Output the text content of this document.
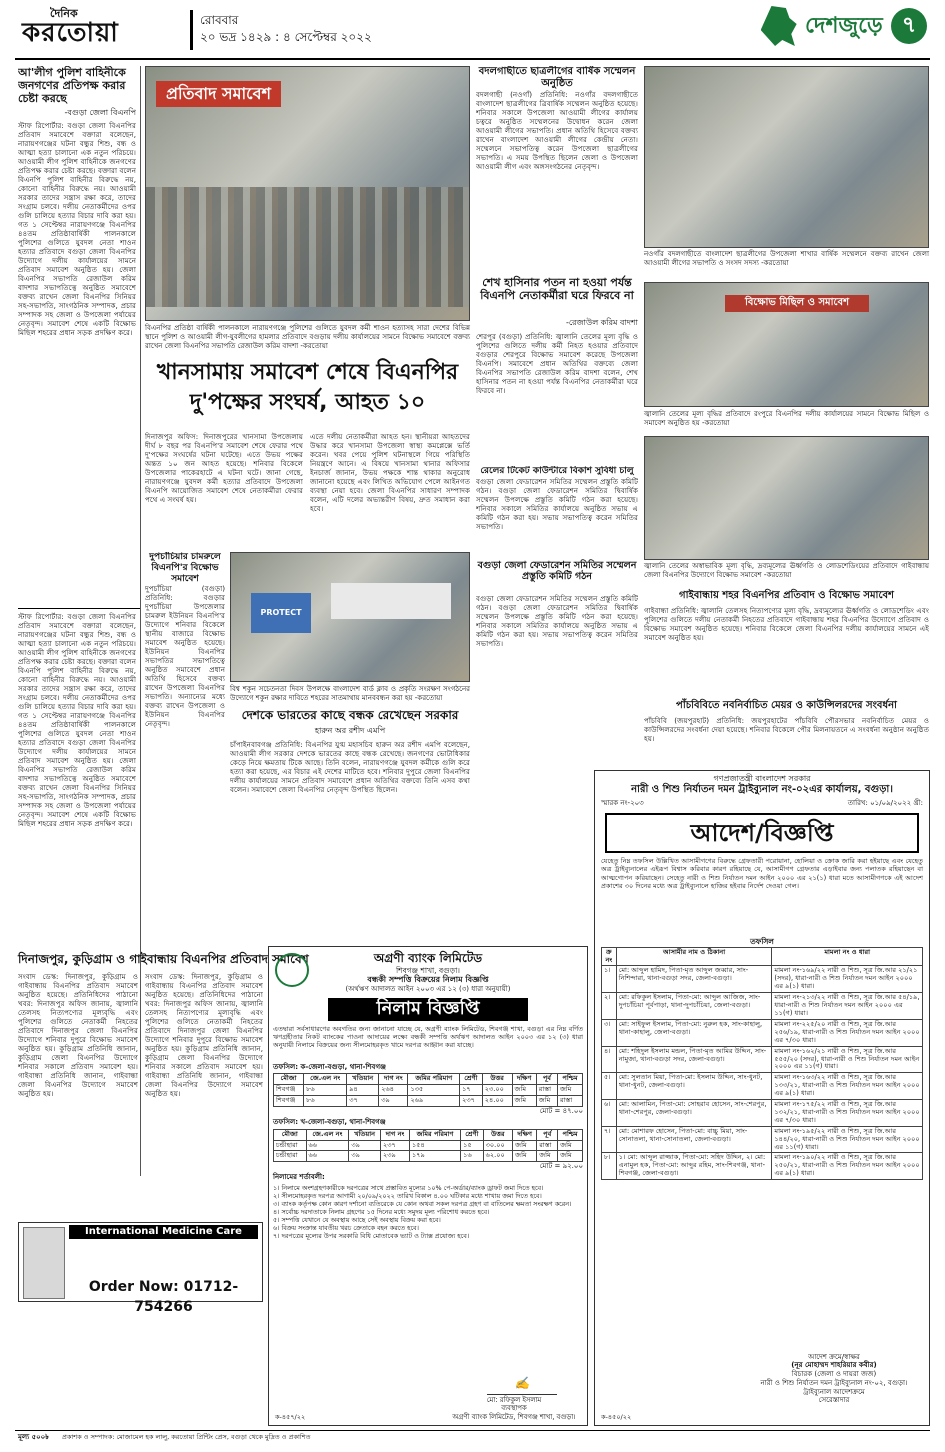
দৈনিক
করতোয়া	রোববার
২০ ভদ্র ১৪২৯ : ৪ সেপ্টেম্বর ২০২২	দেশজুড়ে ৭
আ'লীগ পুলিশ বাহিনীকে জনগণের প্রতিপক্ষ করার চেষ্টা করছে
-বগুড়া জেলা বিএনপি

স্টাফ রিপোর্টার: বগুড়া জেলা বিএনপির প্রতিবাদ সমাবেশে বক্তারা বলেছেন, নারায়ণগঞ্জের ঘটনা বন্ধুর শিশু, বন্ধ ও আত্মা হত্যা চালানো এক নতুন পরিচয়ে। আওয়ামী লীগ পুলিশ বাহিনীকে জনগণের প্রতিপক্ষ করার চেষ্টা করছে। বক্তারা বলেন বিএনপি পুলিশ বাহিনীর বিরুদ্ধে নয়, কোনো বাহিনীর বিরুদ্ধে নয়। আওয়ামী সরকার তাদের সন্ত্রাস রক্ষা করে, তাদের সংগ্রাম চলবে। দলীয় নেতাকর্মীদের ওপর গুলি চালিয়ে হত্যার বিচার দাবি করা হয়। গত ১ সেপ্টেম্বর নারায়ণগঞ্জে বিএনপির ৪৪তম প্রতিষ্ঠাবার্ষিকী পালনকালে পুলিশের গুলিতে যুবদল নেতা শাওন হত্যার প্রতিবাদে বগুড়া জেলা বিএনপির উদ্যোগে দলীয় কার্যালয়ের সামনে প্রতিবাদ সমাবেশ অনুষ্ঠিত হয়। জেলা বিএনপির সভাপতি রেজাউল করিম বাদশার সভাপতিত্বে অনুষ্ঠিত সমাবেশে বক্তব্য রাখেন জেলা বিএনপির সিনিয়র সহ-সভাপতি, সাংগঠনিক সম্পাদক, প্রচার সম্পাদক সহ জেলা ও উপজেলা পর্যায়ের নেতৃবৃন্দ। সমাবেশ শেষে একটি বিক্ষোভ মিছিল শহরের প্রধান সড়ক প্রদক্ষিণ করে।

প্রতিবাদ সমাবেশ
বিএনপির প্রতিষ্ঠা বার্ষিকী পালনকালে নারায়ণগঞ্জে পুলিশের গুলিতে যুবদল কর্মী শাওন হত্যাসহ সারা দেশের বিভিন্ন স্থানে পুলিশ ও আওয়ামী লীগ-যুবলীগের হামলার প্রতিবাদে বগুড়ায় দলীয় কার্যালয়ের সামনে বিক্ষোভ সমাবেশে বক্তব্য রাখেন জেলা বিএনপির সভাপতি রেজাউল করিম বাদশা -করতোয়া
খানসামায় সমাবেশ শেষে বিএনপির দু'পক্ষের সংঘর্ষ, আহত ১০

দিনাজপুর অফিস: দিনাজপুরের খানসামা উপজেলায় দীর্ঘ ৮ বছর পর বিএনপি'র সমাবেশ শেষে ফেরার পথে দু'পক্ষের সংঘর্ষের ঘটনা ঘটেছে। এতে উভয় পক্ষের অন্তত ১০ জন আহত হয়েছে। শনিবার বিকেলে উপজেলার পাকেরহাটে এ ঘটনা ঘটে। জানা গেছে, নারায়ণগঞ্জে যুবদল কর্মী হত্যার প্রতিবাদে উপজেলা বিএনপি আয়োজিত সমাবেশ শেষে নেতাকর্মীরা ফেরার পথে এ সংঘর্ষ হয়।

এতে দলীয় নেতাকর্মীরা আহত হন। স্থানীয়রা আহতদের উদ্ধার করে খানসামা উপজেলা স্বাস্থ্য কমপ্লেক্সে ভর্তি করেন। খবর পেয়ে পুলিশ ঘটনাস্থলে গিয়ে পরিস্থিতি নিয়ন্ত্রণে আনে। এ বিষয়ে খানসামা থানার অফিসার ইনচার্জ জানান, উভয় পক্ষকে শান্ত থাকার অনুরোধ জানানো হয়েছে এবং লিখিত অভিযোগ পেলে আইনগত ব্যবস্থা নেয়া হবে। জেলা বিএনপির সাধারণ সম্পাদক বলেন, এটি দলের অভ্যন্তরীণ বিষয়, দ্রুত সমাধান করা হবে।

দুপচাঁচিয়ার চামরুলে বিএনপি'র বিক্ষোভ সমাবেশ

দুপচাঁচিয়া (বগুড়া) প্রতিনিধি: বগুড়ার দুপচাঁচিয়া উপজেলার চামরুল ইউনিয়ন বিএনপি'র উদ্যোগে শনিবার বিকেলে স্থানীয় বাজারে বিক্ষোভ সমাবেশ অনুষ্ঠিত হয়েছে। ইউনিয়ন বিএনপির সভাপতির সভাপতিত্বে অনুষ্ঠিত সমাবেশে প্রধান অতিথি হিসেবে বক্তব্য রাখেন উপজেলা বিএনপির সভাপতি। অন্যান্যের মধ্যে বক্তব্য রাখেন উপজেলা ও ইউনিয়ন বিএনপির নেতৃবৃন্দ।

PROTECT
বিশ্ব শকুন সচেতনতা দিবস উপলক্ষে বাংলাদেশ বার্ড ক্লাব ও প্রকৃতি সংরক্ষণ সংগঠনের উদ্যোগে শকুন রক্ষার দাবিতে শহরের সাতমাথায় মানববন্ধন করা হয় -করতোয়া
দেশকে ভারতের কাছে বন্ধক রেখেছেন সরকার
হারুন অর রশীদ এমপি

চাঁপাইনবাবগঞ্জ প্রতিনিধি: বিএনপির যুগ্ম মহাসচিব হারুন অর রশীদ এমপি বলেছেন, আওয়ামী লীগ সরকার দেশকে ভারতের কাছে বন্ধক রেখেছে। জনগণের ভোটাধিকার কেড়ে নিয়ে ক্ষমতায় টিকে আছে। তিনি বলেন, নারায়ণগঞ্জে যুবদল কর্মীকে গুলি করে হত্যা করা হয়েছে, এর বিচার এই দেশের মাটিতে হবে। শনিবার দুপুরে জেলা বিএনপির দলীয় কার্যালয়ের সামনে প্রতিবাদ সমাবেশে প্রধান অতিথির বক্তব্যে তিনি এসব কথা বলেন। সমাবেশে জেলা বিএনপির নেতৃবৃন্দ উপস্থিত ছিলেন।

বদলগাছীতে ছাত্রলীগের বার্ষিক সম্মেলন অনুষ্ঠিত

বদলগাছী (নওগাঁ) প্রতিনিধি: নওগাঁর বদলগাছীতে বাংলাদেশ ছাত্রলীগের ত্রিবার্ষিক সম্মেলন অনুষ্ঠিত হয়েছে। শনিবার সকালে উপজেলা আওয়ামী লীগের কার্যালয় চত্বরে অনুষ্ঠিত সম্মেলনের উদ্বোধন করেন জেলা আওয়ামী লীগের সভাপতি। প্রধান অতিথি হিসেবে বক্তব্য রাখেন বাংলাদেশ আওয়ামী লীগের কেন্দ্রীয় নেতা। সম্মেলনে সভাপতিত্ব করেন উপজেলা ছাত্রলীগের সভাপতি। এ সময় উপস্থিত ছিলেন জেলা ও উপজেলা আওয়ামী লীগ এবং অঙ্গসংগঠনের নেতৃবৃন্দ।

নওগাঁর বদলগাছীতে বাংলাদেশ ছাত্রলীগের উপজেলা শাখার বার্ষিক সম্মেলনে বক্তব্য রাখেন জেলা আওয়ামী লীগের সভাপতি ও সংসদ সদস্য -করতোয়া
শেখ হাসিনার পতন না হওয়া পর্যন্ত বিএনপি নেতাকর্মীরা ঘরে ফিরবে না
-রেজাউল করিম বাদশা

শেরপুর (বগুড়া) প্রতিনিধি: জ্বালানি তেলের মূল্য বৃদ্ধি ও পুলিশের গুলিতে দলীয় কর্মী নিহত হওয়ার প্রতিবাদে বগুড়ার শেরপুরে বিক্ষোভ সমাবেশ করেছে উপজেলা বিএনপি। সমাবেশে প্রধান অতিথির বক্তব্যে জেলা বিএনপির সভাপতি রেজাউল করিম বাদশা বলেন, শেখ হাসিনার পতন না হওয়া পর্যন্ত বিএনপির নেতাকর্মীরা ঘরে ফিরবে না।

বিক্ষোভ মিছিল ও সমাবেশ
জ্বালানি তেলের মূল্য বৃদ্ধির প্রতিবাদে রংপুরে বিএনপির দলীয় কার্যালয়ের সামনে বিক্ষোভ মিছিল ও সমাবেশ অনুষ্ঠিত হয় -করতোয়া
জ্বালানি তেলের অস্বাভাবিক মূল্য বৃদ্ধি, দ্রব্যমূল্যের ঊর্ধ্বগতি ও লোডশেডিংয়ের প্রতিবাদে গাইবান্ধায় জেলা বিএনপির উদ্যোগে বিক্ষোভ সমাবেশ -করতোয়া
রেলের টিকেট কাউন্টারে বিকাশ সুবিধা চালু

বগুড়া জেলা ফেডারেশন সমিতির সম্মেলন প্রস্তুতি কমিটি গঠন। বগুড়া জেলা ফেডারেশন সমিতির দ্বিবার্ষিক সম্মেলন উপলক্ষে প্রস্তুতি কমিটি গঠন করা হয়েছে। শনিবার সকালে সমিতির কার্যালয়ে অনুষ্ঠিত সভায় এ কমিটি গঠন করা হয়। সভায় সভাপতিত্ব করেন সমিতির সভাপতি।

বগুড়া জেলা ফেডারেশন সমিতির সম্মেলন প্রস্তুতি কমিটি গঠন
গাইবান্ধায় শহর বিএনপির প্রতিবাদ ও বিক্ষোভ সমাবেশ

গাইবান্ধা প্রতিনিধি: জ্বালানি তেলসহ নিত্যপণ্যের মূল্য বৃদ্ধি, দ্রব্যমূল্যের ঊর্ধ্বগতি ও লোডশেডিং এবং পুলিশের গুলিতে দলীয় নেতাকর্মী নিহতের প্রতিবাদে গাইবান্ধায় শহর বিএনপির উদ্যোগে প্রতিবাদ ও বিক্ষোভ সমাবেশ অনুষ্ঠিত হয়েছে। শনিবার বিকেলে জেলা বিএনপির দলীয় কার্যালয়ের সামনে এই সমাবেশ অনুষ্ঠিত হয়।

পাঁচবিবিতে নবনির্বাচিত মেয়র ও কাউন্সিলরদের সংবর্ধনা

পাঁচবিবি (জয়পুরহাট) প্রতিনিধি: জয়পুরহাটের পাঁচবিবি পৌরসভার নবনির্বাচিত মেয়র ও কাউন্সিলরদের সংবর্ধনা দেয়া হয়েছে। শনিবার বিকেলে পৌর মিলনায়তনে এ সংবর্ধনা অনুষ্ঠান অনুষ্ঠিত হয়।

বগুড়া জেলা ফেডারেশন সমিতির সম্মেলন প্রস্তুতি কমিটি গঠন। বগুড়া জেলা ফেডারেশন সমিতির দ্বিবার্ষিক সম্মেলন উপলক্ষে প্রস্তুতি কমিটি গঠন করা হয়েছে। শনিবার সকালে সমিতির কার্যালয়ে অনুষ্ঠিত সভায় এ কমিটি গঠন করা হয়। সভায় সভাপতিত্ব করেন সমিতির সভাপতি।

দিনাজপুর, কুড়িগ্রাম ও গাইবান্ধায় বিএনপির প্রতিবাদ সমাবেশ

সংবাদ ডেস্ক: দিনাজপুর, কুড়িগ্রাম ও গাইবান্ধায় বিএনপির প্রতিবাদ সমাবেশ অনুষ্ঠিত হয়েছে। প্রতিনিধিদের পাঠানো খবর: দিনাজপুর অফিস জানায়, জ্বালানি তেলসহ নিত্যপণ্যের মূল্যবৃদ্ধি এবং পুলিশের গুলিতে নেতাকর্মী নিহতের প্রতিবাদে দিনাজপুর জেলা বিএনপির উদ্যোগে শনিবার দুপুরে বিক্ষোভ সমাবেশ অনুষ্ঠিত হয়। কুড়িগ্রাম প্রতিনিধি জানান, কুড়িগ্রাম জেলা বিএনপির উদ্যোগে শনিবার সকালে প্রতিবাদ সমাবেশ হয়। গাইবান্ধা প্রতিনিধি জানান, গাইবান্ধা জেলা বিএনপির উদ্যোগে সমাবেশ অনুষ্ঠিত হয়।

সংবাদ ডেস্ক: দিনাজপুর, কুড়িগ্রাম ও গাইবান্ধায় বিএনপির প্রতিবাদ সমাবেশ অনুষ্ঠিত হয়েছে। প্রতিনিধিদের পাঠানো খবর: দিনাজপুর অফিস জানায়, জ্বালানি তেলসহ নিত্যপণ্যের মূল্যবৃদ্ধি এবং পুলিশের গুলিতে নেতাকর্মী নিহতের প্রতিবাদে দিনাজপুর জেলা বিএনপির উদ্যোগে শনিবার দুপুরে বিক্ষোভ সমাবেশ অনুষ্ঠিত হয়। কুড়িগ্রাম প্রতিনিধি জানান, কুড়িগ্রাম জেলা বিএনপির উদ্যোগে শনিবার সকালে প্রতিবাদ সমাবেশ হয়। গাইবান্ধা প্রতিনিধি জানান, গাইবান্ধা জেলা বিএনপির উদ্যোগে সমাবেশ অনুষ্ঠিত হয়।

স্টাফ রিপোর্টার: বগুড়া জেলা বিএনপির প্রতিবাদ সমাবেশে বক্তারা বলেছেন, নারায়ণগঞ্জের ঘটনা বন্ধুর শিশু, বন্ধ ও আত্মা হত্যা চালানো এক নতুন পরিচয়ে। আওয়ামী লীগ পুলিশ বাহিনীকে জনগণের প্রতিপক্ষ করার চেষ্টা করছে। বক্তারা বলেন বিএনপি পুলিশ বাহিনীর বিরুদ্ধে নয়, কোনো বাহিনীর বিরুদ্ধে নয়। আওয়ামী সরকার তাদের সন্ত্রাস রক্ষা করে, তাদের সংগ্রাম চলবে। দলীয় নেতাকর্মীদের ওপর গুলি চালিয়ে হত্যার বিচার দাবি করা হয়। গত ১ সেপ্টেম্বর নারায়ণগঞ্জে বিএনপির ৪৪তম প্রতিষ্ঠাবার্ষিকী পালনকালে পুলিশের গুলিতে যুবদল নেতা শাওন হত্যার প্রতিবাদে বগুড়া জেলা বিএনপির উদ্যোগে দলীয় কার্যালয়ের সামনে প্রতিবাদ সমাবেশ অনুষ্ঠিত হয়। জেলা বিএনপির সভাপতি রেজাউল করিম বাদশার সভাপতিত্বে অনুষ্ঠিত সমাবেশে বক্তব্য রাখেন জেলা বিএনপির সিনিয়র সহ-সভাপতি, সাংগঠনিক সম্পাদক, প্রচার সম্পাদক সহ জেলা ও উপজেলা পর্যায়ের নেতৃবৃন্দ। সমাবেশ শেষে একটি বিক্ষোভ মিছিল শহরের প্রধান সড়ক প্রদক্ষিণ করে।

International Medicine Care
Order Now: 01712-754266
অগ্রণী ব্যাংক লিমিটেড
শিবগঞ্জ শাখা, বগুড়া।
বন্ধকী সম্পত্তি বিক্রয়ের নিলাম বিজ্ঞপ্তি
(অর্থঋণ আদালত আইন ২০০৩ এর ১২ (৩) ধারা অনুযায়ী)
নিলাম বিজ্ঞপ্তি
এতদ্বারা সর্বসাধারণের অবগতির জন্য জানানো যাচ্ছে যে, অগ্রণী ব্যাংক লিমিটেড, শিবগঞ্জ শাখা, বগুড়া এর নিম্ন বর্ণিত ঋণগ্রহীতার নিকট ব্যাংকের পাওনা আদায়ের লক্ষ্যে বন্ধকী সম্পত্তি অর্থঋণ আদালত আইন ২০০৩ এর ১২ (৩) ধারা অনুযায়ী নিলামে বিক্রয়ের জন্য সীলমোহরকৃত খামে দরপত্র আহ্বান করা যাচ্ছে।
তফসিল: ক-জেলা-বগুড়া, থানা-শিবগঞ্জ
মৌজা	জে.এল নং	খতিয়ান	দাগ নং	জমির পরিমাণ	শ্রেণী	উত্তর	দক্ষিণ	পূর্ব	পশ্চিম
শিবগঞ্জ	৮৬	৯৪	২৬৪	১৩৫	১৭	২৩.০০	জমি	রাস্তা	জমি
শিবগঞ্জ	৮৬	৩৭	৩৯	২৬৯	২৩৭	২৪.০০	জমি	জমি	রাস্তা
মোট = ৪৭.০০
তফসিল: খ-জেলা-বগুড়া, থানা-শিবগঞ্জ
মৌজা	জে.এল নং	খতিয়ান	দাগ নং	জমির পরিমাণ	শ্রেণী	উত্তর	দক্ষিণ	পূর্ব	পশ্চিম
চন্ডীহারা	৬৬	৩৯	২৩৭	১৫৪	১৫	৩০.০০	জমি	রাস্তা	জমি
চন্ডীহারা	৬৬	৩৯	২৩৯	১৭৯	১৬	৬২.০০	জমি	জমি	জমি
মোট = ৯২.০০
নিলামের শর্তাবলী:
১। নিলামে অংশগ্রহণকারীকে দরপত্রের সাথে প্রস্তাবিত মূল্যের ১০% পে-অর্ডার/ব্যাংক ড্রাফট জমা দিতে হবে।
২। সীলমোহরকৃত দরপত্র আগামী ২০/০৯/২০২২ তারিখ বিকাল ৪.০০ ঘটিকার মধ্যে শাখায় জমা দিতে হবে।
৩। ব্যাংক কর্তৃপক্ষ কোন কারণ দর্শানো ব্যতিরেকে যে কোন অথবা সকল দরপত্র গ্রহণ বা বাতিলের ক্ষমতা সংরক্ষণ করেন।
৪। সর্বোচ্চ দরদাতাকে নিলাম গ্রহণের ১৫ দিনের মধ্যে সমুদয় মূল্য পরিশোধ করতে হবে।
৫। সম্পত্তি যেখানে যে অবস্থায় আছে সেই অবস্থায় বিক্রয় করা হবে।
৬। বিক্রয় সংক্রান্ত যাবতীয় খরচ ক্রেতাকে বহন করতে হবে।
৭। দরপত্রের মূল্যের উপর সরকারি বিধি মোতাবেক ভ্যাট ও ট্যাক্স প্রযোজ্য হবে।
✍
মো: রফিকুল ইসলাম
ব্যবস্থাপক
অগ্রণী ব্যাংক লিমিটেড, শিবগঞ্জ শাখা, বগুড়া।
ক-৪৫৭/২২
গণপ্রজাতন্ত্রী বাংলাদেশ সরকার
নারী ও শিশু নির্যাতন দমন ট্রাইব্যুনাল নং-০২এর কার্যালয়, বগুড়া।
স্মারক নং-২০৩	তারিখ: ০১/০৯/২০২২ খ্রী:
আদেশ/বিজ্ঞপ্তি
যেহেতু নিম্ন তফসিল উল্লিখিত আসামীগণের বিরুদ্ধে গ্রেফতারী পরোয়ানা, হোলিয়া ও ক্রোক জারি করা হইয়াছে এবং যেহেতু অত্র ট্রাইব্যুনালের এইরূপ বিশ্বাস করিবার কারণ রহিয়াছে যে, আসামীগণ গ্রেফতার এড়াইবার জন্য পলাতক রহিয়াছেন বা আত্মগোপন করিয়াছেন। সেহেতু নারী ও শিশু নির্যাতন দমন আইন ২০০০ এর ২১(১) ধারা মতে আসামীগণকে এই আদেশ প্রকাশের ৩০ দিনের মধ্যে অত্র ট্রাইব্যুনালে হাজির হইবার নির্দেশ দেওয়া গেল।
তফসিল
ক্র নং	আসামীর নাম ও ঠিকানা	মামলা নং ও ধারা
১।	মো: আব্দুল হামিদ, পিতা-মৃত আব্দুল জব্বার, সাং-নিশিন্দারা, থানা-বগুড়া সদর, জেলা-বগুড়া।	মামলা নং-১৬৯/২২ নারী ও শিশু, সূত্র জি.আর ২১/২১ (সদর), ধারা-নারী ও শিশু নির্যাতন দমন আইন ২০০০ এর ৯(১) ধারা।
২।	মো: রফিকুল ইসলাম, পিতা-মো: আব্দুল আজিজ, সাং-দুপচাঁচিয়া পূর্বপাড়া, থানা-দুপচাঁচিয়া, জেলা-বগুড়া।	মামলা নং-২১৩/২২ নারী ও শিশু, সূত্র জি.আর ৫৪/১৯, ধারা-নারী ও শিশু নির্যাতন দমন আইন ২০০০ এর ১১(গ) ধারা।
৩।	মো: সাইফুল ইসলাম, পিতা-মো: নুরুল হক, সাং-কাহালু, থানা-কাহালু, জেলা-বগুড়া।	মামলা নং-২২৫/২০ নারী ও শিশু, সূত্র জি.আর ২৫৬/১৯, ধারা-নারী ও শিশু নির্যাতন দমন আইন ২০০০ এর ৭/৩০ ধারা।
৪।	মো: শহিদুল ইসলাম মন্ডল, পিতা-মৃত আমির উদ্দিন, সাং-নামুজা, থানা-বগুড়া সদর, জেলা-বগুড়া।	মামলা নং-১৬২/২১ নারী ও শিশু, সূত্র জি.আর ৫৫৫/২০ (সদর), ধারা-নারী ও শিশু নির্যাতন দমন আইন ২০০০ এর ১১(গ) ধারা।
৫।	মো: সুলতান মিয়া, পিতা-মো: ইসলাম উদ্দিন, সাং-ধুনট, থানা-ধুনট, জেলা-বগুড়া।	মামলা নং-১৬৩/২২ নারী ও শিশু, সূত্র জি.আর ১৩৩/২১, ধারা-নারী ও শিশু নির্যাতন দমন আইন ২০০০ এর ৯(১) ধারা।
৬।	মো: আলামিন, পিতা-মো: সোহরাব হোসেন, সাং-শেরপুর, থানা-শেরপুর, জেলা-বগুড়া।	মামলা নং-১৭৫/২২ নারী ও শিশু, সূত্র জি.আর ১৩২/২১, ধারা-নারী ও শিশু নির্যাতন দমন আইন ২০০০ এর ৭/৩০ ধারা।
৭।	মো: মোশারফ হোসেন, পিতা-মো: বাচ্চু মিয়া, সাং-সোনাতলা, থানা-সোনাতলা, জেলা-বগুড়া।	মামলা নং-১৯৫/২২ নারী ও শিশু, সূত্র জি.আর ১৪৪/২০, ধারা-নারী ও শিশু নির্যাতন দমন আইন ২০০০ এর ১১(গ) ধারা।
৮।	১। মো: আব্দুল রাজ্জাক, পিতা-মো: সহিদ উদ্দিন, ২। মো: এনামুল হক, পিতা-মো: আব্দুর রহিম, সাং-শিবগঞ্জ, থানা-শিবগঞ্জ, জেলা-বগুড়া।	মামলা নং-১৯০/২২ নারী ও শিশু, সূত্র জি.আর ২৫০/২১, ধারা-নারী ও শিশু নির্যাতন দমন আইন ২০০০ এর ৯(১) ধারা।
আদেশ ক্রমে/স্বাক্ষর
(নূর মোহাম্মদ শাহরিয়ার কবীর)
বিচারক (জেলা ও দায়রা জজ)
নারী ও শিশু নির্যাতন দমন ট্রাইব্যুনাল নং-০২, বগুড়া।
ট্রাইব্যুনাল আদেশক্রমে
সেরেস্তাদার
ক-৪৫০/২২
মূল্য ৫০০৳	প্রকাশক ও সম্পাদক: মোজামেল হক লালু, করতোয়া প্রিন্টিং প্রেস, বগুড়া থেকে মুদ্রিত ও প্রকাশিত
